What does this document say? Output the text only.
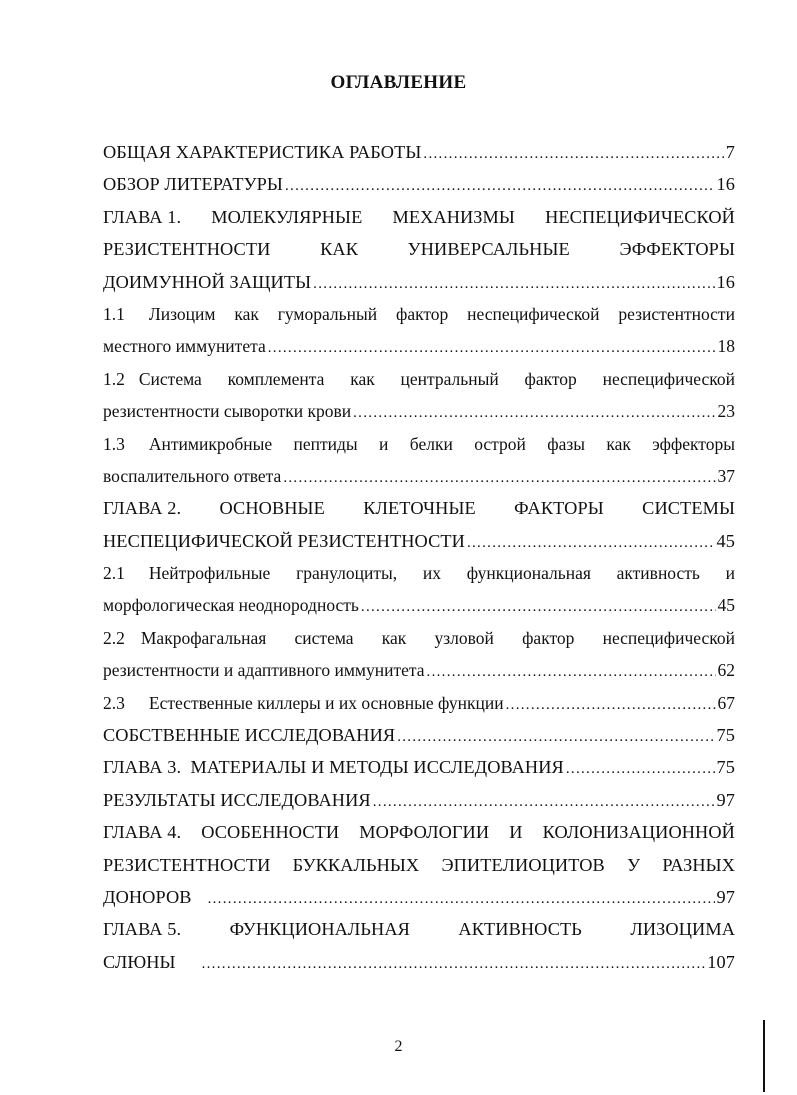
ОГЛАВЛЕНИЕ
ОБЩАЯ ХАРАКТЕРИСТИКА РАБОТЫ .....	7
ОБЗОР ЛИТЕРАТУРЫ .....	16
ГЛАВА 1. МОЛЕКУЛЯРНЫЕ МЕХАНИЗМЫ НЕСПЕЦИФИЧЕСКОЙ
РЕЗИСТЕНТНОСТИ	КАК	УНИВЕРСАЛЬНЫЕ	ЭФФЕКТОРЫ
ДОИМУННОЙ ЗАЩИТЫ .....	16
1.1 Лизоцим как гуморальный фактор неспецифической резистентности
местного иммунитета .....	18
1.2 Система комплемента как центральный фактор неспецифической
резистентности сыворотки крови .....	23
1.3 Антимикробные пептиды и белки острой фазы как эффекторы
воспалительного ответа .....	37
ГЛАВА 2. ОСНОВНЫЕ КЛЕТОЧНЫЕ ФАКТОРЫ СИСТЕМЫ
НЕСПЕЦИФИЧЕСКОЙ РЕЗИСТЕНТНОСТИ .....	45
2.1 Нейтрофильные гранулоциты, их функциональная активность и
морфологическая неоднородность .....	45
2.2 Макрофагальная система как узловой фактор неспецифической
резистентности и адаптивного иммунитета .....	62
2.3 Естественные киллеры и их основные функции .....	67
СОБСТВЕННЫЕ ИССЛЕДОВАНИЯ .....	75
ГЛАВА 3.  МАТЕРИАЛЫ И МЕТОДЫ ИССЛЕДОВАНИЯ .....	75
РЕЗУЛЬТАТЫ ИССЛЕДОВАНИЯ .....	97
ГЛАВА 4. ОСОБЕННОСТИ МОРФОЛОГИИ И КОЛОНИЗАЦИОННОЙ
РЕЗИСТЕНТНОСТИ БУККАЛЬНЫХ ЭПИТЕЛИОЦИТОВ У РАЗНЫХ
ДОНОРОВ .....	97
ГЛАВА 5.	ФУНКЦИОНАЛЬНАЯ	АКТИВНОСТЬ	ЛИЗОЦИМА
СЛЮНЫ .....	107
2
